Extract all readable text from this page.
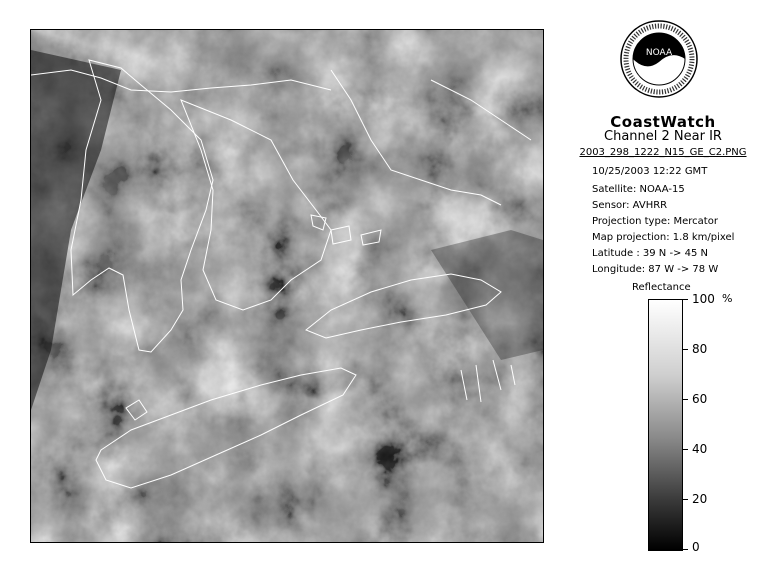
NOAA
CoastWatch
Channel 2 Near IR
2003_298_1222_N15_GE_C2.PNG
10/25/2003 12:22 GMT
Satellite: NOAA-15
Sensor: AVHRR
Projection type: Mercator
Map projection: 1.8 km/pixel
Latitude : 39 N -> 45 N
Longitude: 87 W -> 78 W
Reflectance
%
100
80
60
40
20
0
